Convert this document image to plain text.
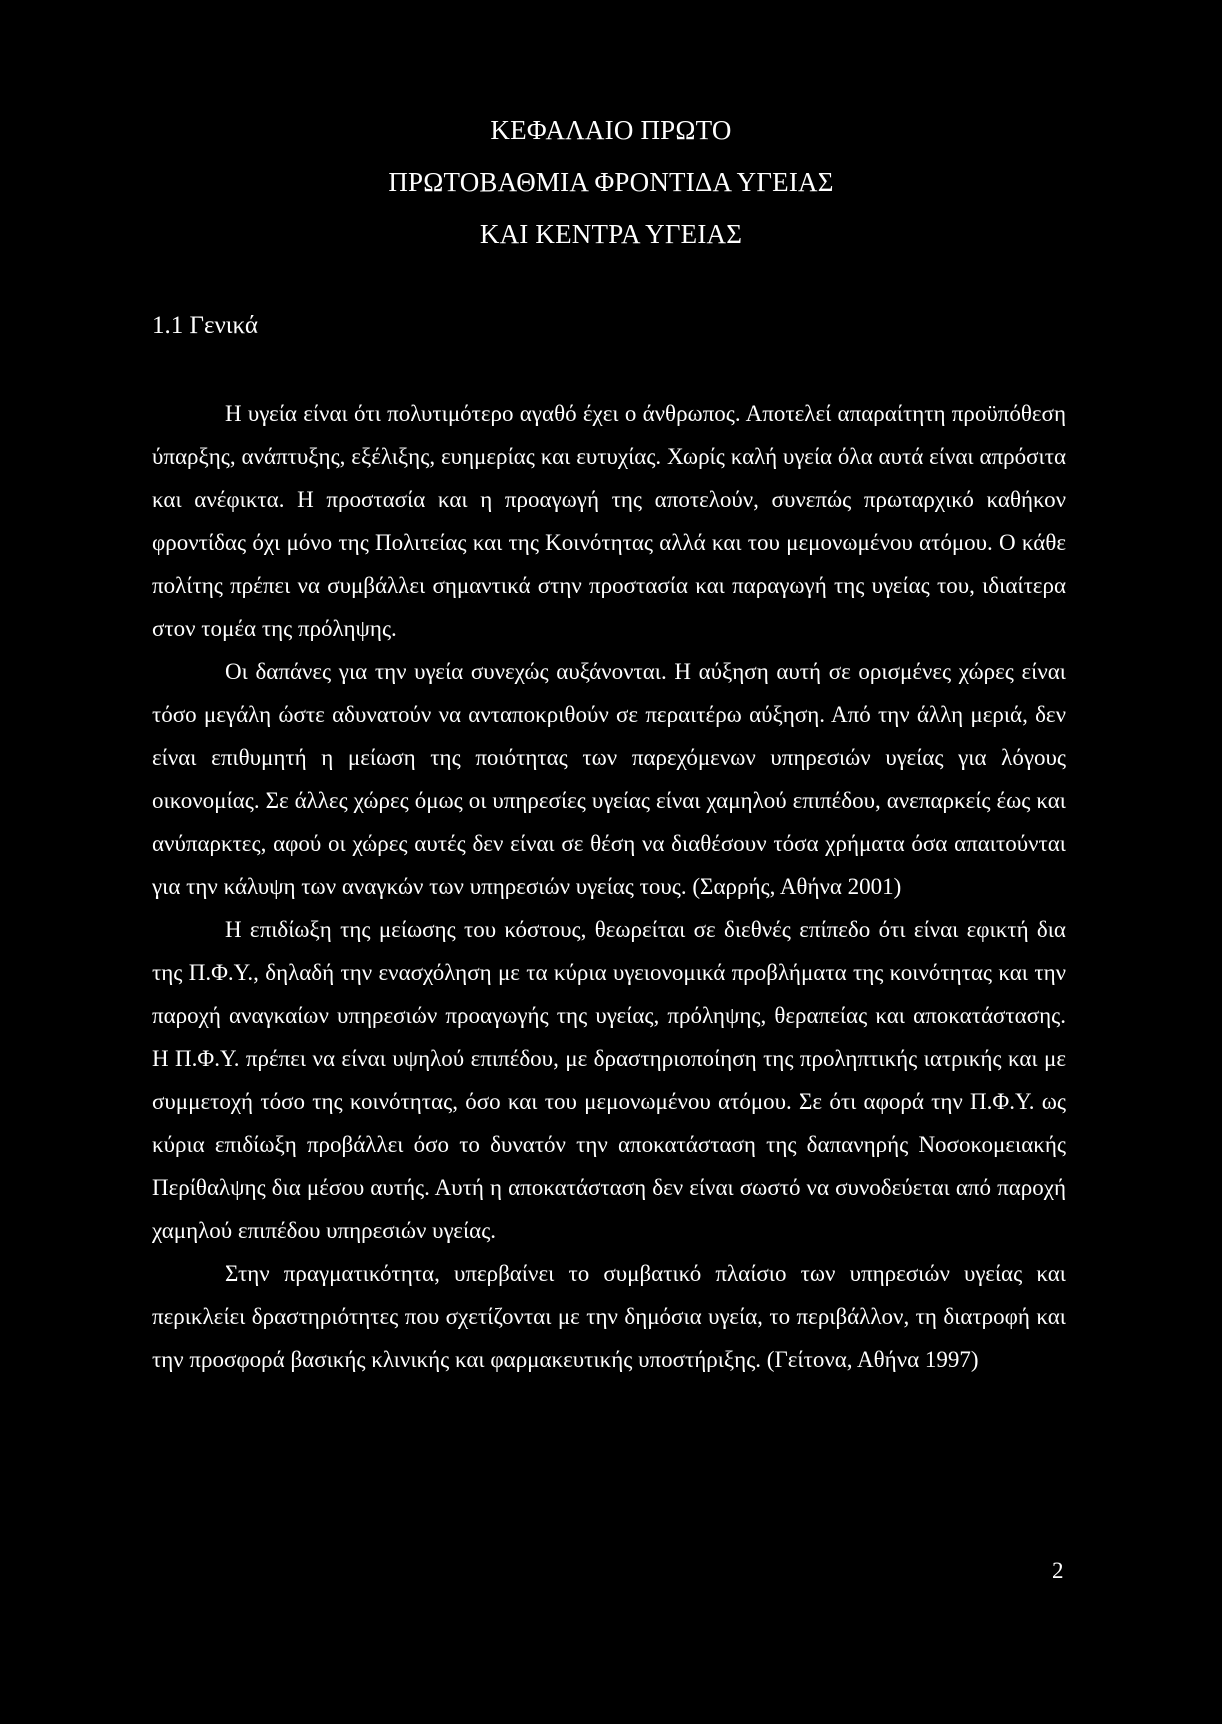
ΚΕΦΑΛΑΙΟ ΠΡΩΤΟ
ΠΡΩΤΟΒΑΘΜΙΑ ΦΡΟΝΤΙΔΑ ΥΓΕΙΑΣ
ΚΑΙ ΚΕΝΤΡΑ ΥΓΕΙΑΣ
1.1 Γενικά

Η υγεία είναι ότι πολυτιμότερο αγαθό έχει ο άνθρωπος. Αποτελεί απαραίτητη προϋπόθεση ύπαρξης, ανάπτυξης, εξέλιξης, ευημερίας και ευτυχίας. Χωρίς καλή υγεία όλα αυτά είναι απρόσιτα και ανέφικτα. Η προστασία και η προαγωγή της αποτελούν, συνεπώς πρωταρχικό καθήκον φροντίδας όχι μόνο της Πολιτείας και της Κοινότητας αλλά και του μεμονωμένου ατόμου. Ο κάθε πολίτης πρέπει να συμβάλλει σημαντικά στην προστασία και παραγωγή της υγείας του, ιδιαίτερα στον τομέα της πρόληψης.

Οι δαπάνες για την υγεία συνεχώς αυξάνονται. Η αύξηση αυτή σε ορισμένες χώρες είναι τόσο μεγάλη ώστε αδυνατούν να ανταποκριθούν σε περαιτέρω αύξηση. Από την άλλη μεριά, δεν είναι επιθυμητή η μείωση της ποιότητας των παρεχόμενων υπηρεσιών υγείας για λόγους οικονομίας. Σε άλλες χώρες όμως οι υπηρεσίες υγείας είναι χαμηλού επιπέδου, ανεπαρκείς έως και ανύπαρκτες, αφού οι χώρες αυτές δεν είναι σε θέση να διαθέσουν τόσα χρήματα όσα απαιτούνται για την κάλυψη των αναγκών των υπηρεσιών υγείας τους. (Σαρρής, Αθήνα 2001)

Η επιδίωξη της μείωσης του κόστους, θεωρείται σε διεθνές επίπεδο ότι είναι εφικτή δια της Π.Φ.Υ., δηλαδή την ενασχόληση με τα κύρια υγειονομικά προβλήματα της κοινότητας και την παροχή αναγκαίων υπηρεσιών προαγωγής της υγείας, πρόληψης, θεραπείας και αποκατάστασης. Η Π.Φ.Υ. πρέπει να είναι υψηλού επιπέδου, με δραστηριοποίηση της προληπτικής ιατρικής και με συμμετοχή τόσο της κοινότητας, όσο και του μεμονωμένου ατόμου. Σε ότι αφορά την Π.Φ.Υ. ως κύρια επιδίωξη προβάλλει όσο το δυνατόν την αποκατάσταση της δαπανηρής Νοσοκομειακής Περίθαλψης δια μέσου αυτής. Αυτή η αποκατάσταση δεν είναι σωστό να συνοδεύεται από παροχή χαμηλού επιπέδου υπηρεσιών υγείας.

Στην πραγματικότητα, υπερβαίνει το συμβατικό πλαίσιο των υπηρεσιών υγείας και περικλείει δραστηριότητες που σχετίζονται με την δημόσια υγεία, το περιβάλλον, τη διατροφή και την προσφορά βασικής κλινικής και φαρμακευτικής υποστήριξης. (Γείτονα, Αθήνα 1997)

2
